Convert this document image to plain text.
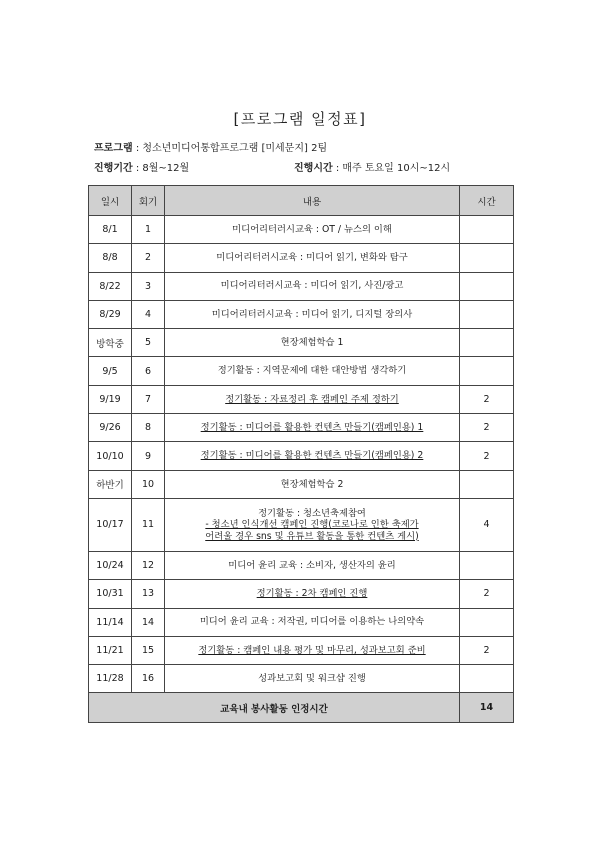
[프로그램 일정표]
프로그램 : 청소년미디어통합프로그램 [미세문지] 2팀
진행기간 : 8월~12월	진행시간 : 매주 토요일 10시~12시
일시	회기	내용	시간
8/1	1	미디어리터러시교육 : OT / 뉴스의 이해	
8/8	2	미디어리터러시교육 : 미디어 읽기, 변화와 탐구	
8/22	3	미디어리터러시교육 : 미디어 읽기, 사진/광고	
8/29	4	미디어리터러시교육 : 미디어 읽기, 디지털 장의사	
방학중	5	현장체험학습 1	
9/5	6	정기활동 : 지역문제에 대한 대안방법 생각하기	
9/19	7	정기활동 : 자료정리 후 캠페인 주제 정하기	2
9/26	8	정기활동 : 미디어를 활용한 컨텐츠 만들기(캠페인용) 1	2
10/10	9	정기활동 : 미디어를 활용한 컨텐츠 만들기(캠페인용) 2	2
하반기	10	현장체험학습 2	
10/17	11	정기활동 : 청소년축제참여
- 청소년 인식개선 캠페인 진행(코로나로 인한 축제가
어려울 경우 sns 및 유튜브 활동을 통한 컨텐츠 게시)	4
10/24	12	미디어 윤리 교육 : 소비자, 생산자의 윤리	
10/31	13	정기활동 : 2차 캠페인 진행	2
11/14	14	미디어 윤리 교육 : 저작권, 미디어를 이용하는 나의약속	
11/21	15	정기활동 : 캠페인 내용 평가 및 마무리, 성과보고회 준비	2
11/28	16	성과보고회 및 워크샵 진행	
교육내 봉사활동 인정시간			14
